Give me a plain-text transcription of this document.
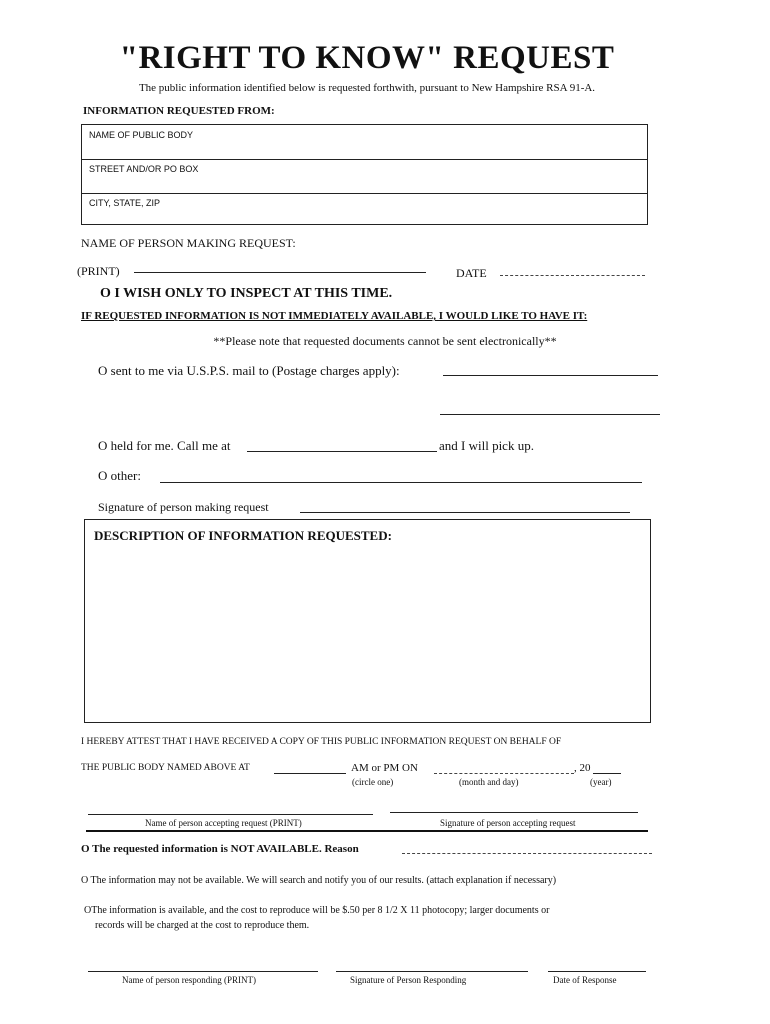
"RIGHT TO KNOW" REQUEST
The public information identified below is requested forthwith, pursuant to New Hampshire RSA 91-A.
INFORMATION REQUESTED FROM:
NAME OF PUBLIC BODY
STREET AND/OR PO BOX
CITY, STATE, ZIP
NAME OF PERSON MAKING REQUEST:
(PRINT)	DATE
O I WISH ONLY TO INSPECT AT THIS TIME.
IF REQUESTED INFORMATION IS NOT IMMEDIATELY AVAILABLE, I WOULD LIKE TO HAVE IT:
**Please note that requested documents cannot be sent electronically**
O sent to me via U.S.P.S. mail to (Postage charges apply):
O held for me. Call me at	and I will pick up.
O other:
Signature of person making request
DESCRIPTION OF INFORMATION REQUESTED:
I HEREBY ATTEST THAT I HAVE RECEIVED A COPY OF THIS PUBLIC INFORMATION REQUEST ON BEHALF OF
THE PUBLIC BODY NAMED ABOVE AT	AM or PM ON	, 20
(circle one)	(month and day)	(year)
Name of person accepting request (PRINT)	Signature of person accepting request
O The requested information is NOT AVAILABLE. Reason
O The information may not be available. We will search and notify you of our results. (attach explanation if necessary)
OThe information is available, and the cost to reproduce will be $.50 per 8 1/2 X 11 photocopy; larger documents or
records will be charged at the cost to reproduce them.
Name of person responding (PRINT)	Signature of Person Responding	Date of Response
